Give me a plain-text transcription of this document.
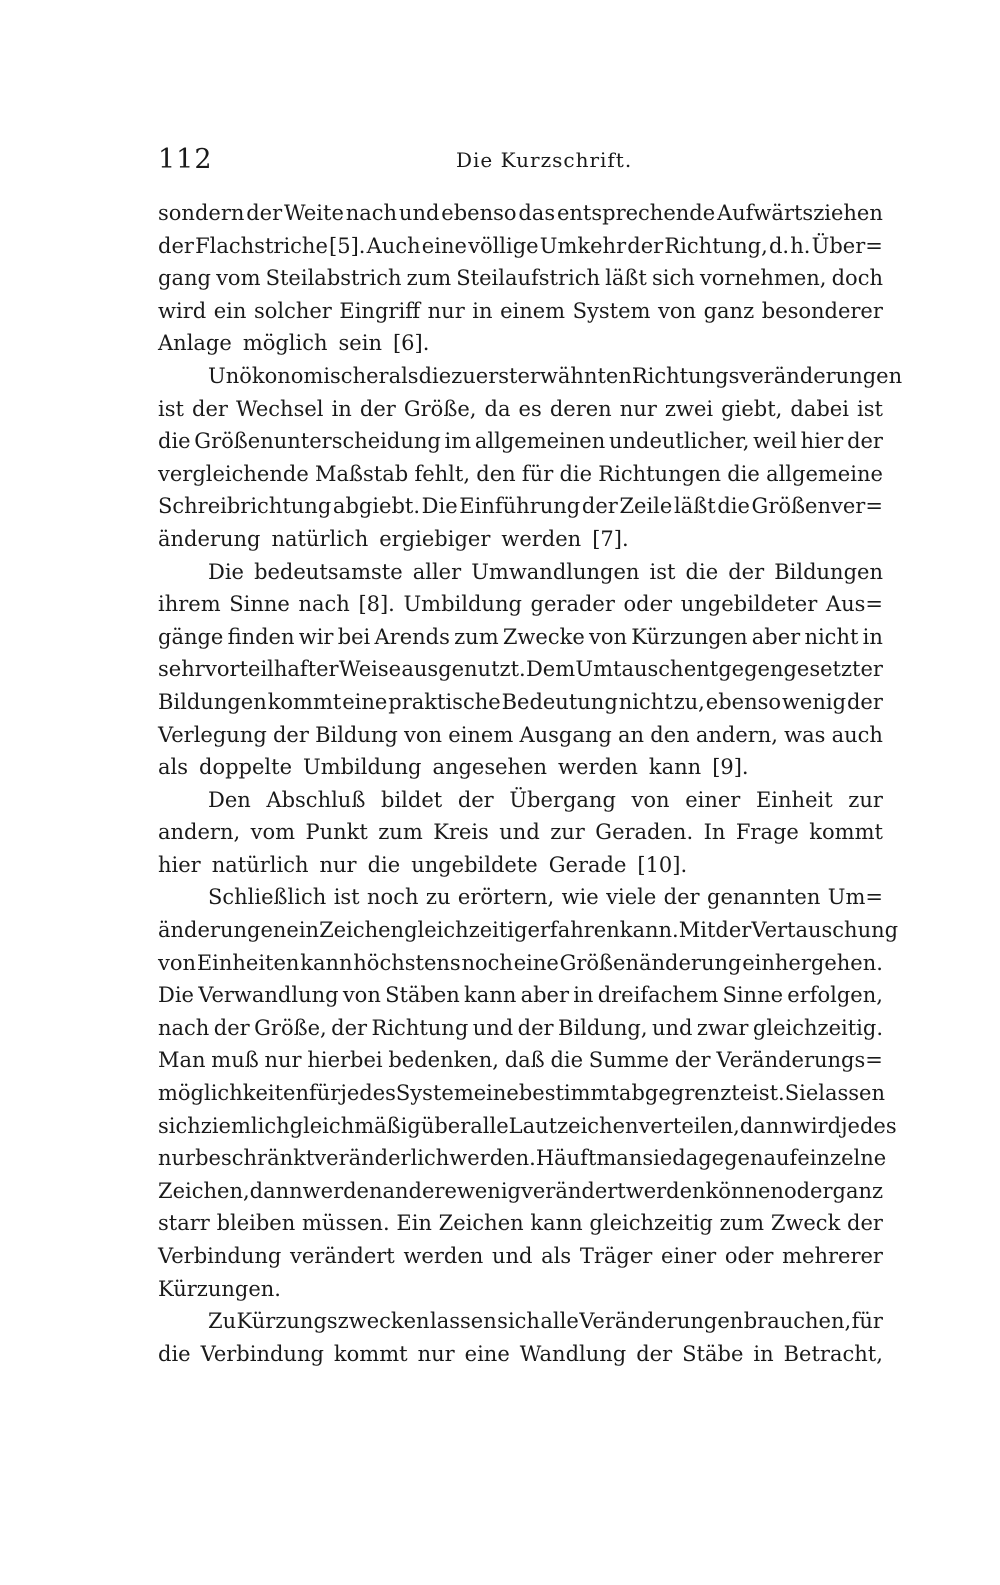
112	Die Kurzschrift.
sondern der Weite nach und ebenso das entsprechende Aufwärtsziehen
der Flachstriche [5]. Auch eine völlige Umkehr der Richtung, d. h. Über=
gang vom Steilabstrich zum Steilaufstrich läßt sich vornehmen, doch
wird ein solcher Eingriff nur in einem System von ganz besonderer
Anlage möglich sein [6].
Unökonomischer als die zuerst erwähnten Richtungsveränderungen
ist der Wechsel in der Größe, da es deren nur zwei giebt, dabei ist
die Größenunterscheidung im allgemeinen undeutlicher, weil hier der
vergleichende Maßstab fehlt, den für die Richtungen die allgemeine
Schreibrichtung abgiebt. Die Einführung der Zeile läßt die Größenver=
änderung natürlich ergiebiger werden [7].
Die bedeutsamste aller Umwandlungen ist die der Bildungen
ihrem Sinne nach [8]. Umbildung gerader oder ungebildeter Aus=
gänge finden wir bei Arends zum Zwecke von Kürzungen aber nicht in
sehr vorteilhafter Weise ausgenutzt. Dem Umtausch entgegengesetzter
Bildungen kommt eine praktische Bedeutung nicht zu, ebenso wenig der
Verlegung der Bildung von einem Ausgang an den andern, was auch
als doppelte Umbildung angesehen werden kann [9].
Den Abschluß bildet der Übergang von einer Einheit zur
andern, vom Punkt zum Kreis und zur Geraden. In Frage kommt
hier natürlich nur die ungebildete Gerade [10].
Schließlich ist noch zu erörtern, wie viele der genannten Um=
änderungen ein Zeichen gleichzeitig erfahren kann. Mit der Vertauschung
von Einheiten kann höchstens noch eine Größenänderung einhergehen.
Die Verwandlung von Stäben kann aber in dreifachem Sinne erfolgen,
nach der Größe, der Richtung und der Bildung, und zwar gleichzeitig.
Man muß nur hierbei bedenken, daß die Summe der Veränderungs=
möglichkeiten für jedes System eine bestimmt abgegrenzte ist. Sie lassen
sich ziemlich gleichmäßig über alle Lautzeichen verteilen, dann wird jedes
nur beschränkt veränderlich werden. Häuft man sie dagegen auf einzelne
Zeichen, dann werden andere wenig verändert werden können oder ganz
starr bleiben müssen. Ein Zeichen kann gleichzeitig zum Zweck der
Verbindung verändert werden und als Träger einer oder mehrerer
Kürzungen.
Zu Kürzungszwecken lassen sich alle Veränderungen brauchen, für
die Verbindung kommt nur eine Wandlung der Stäbe in Betracht,
